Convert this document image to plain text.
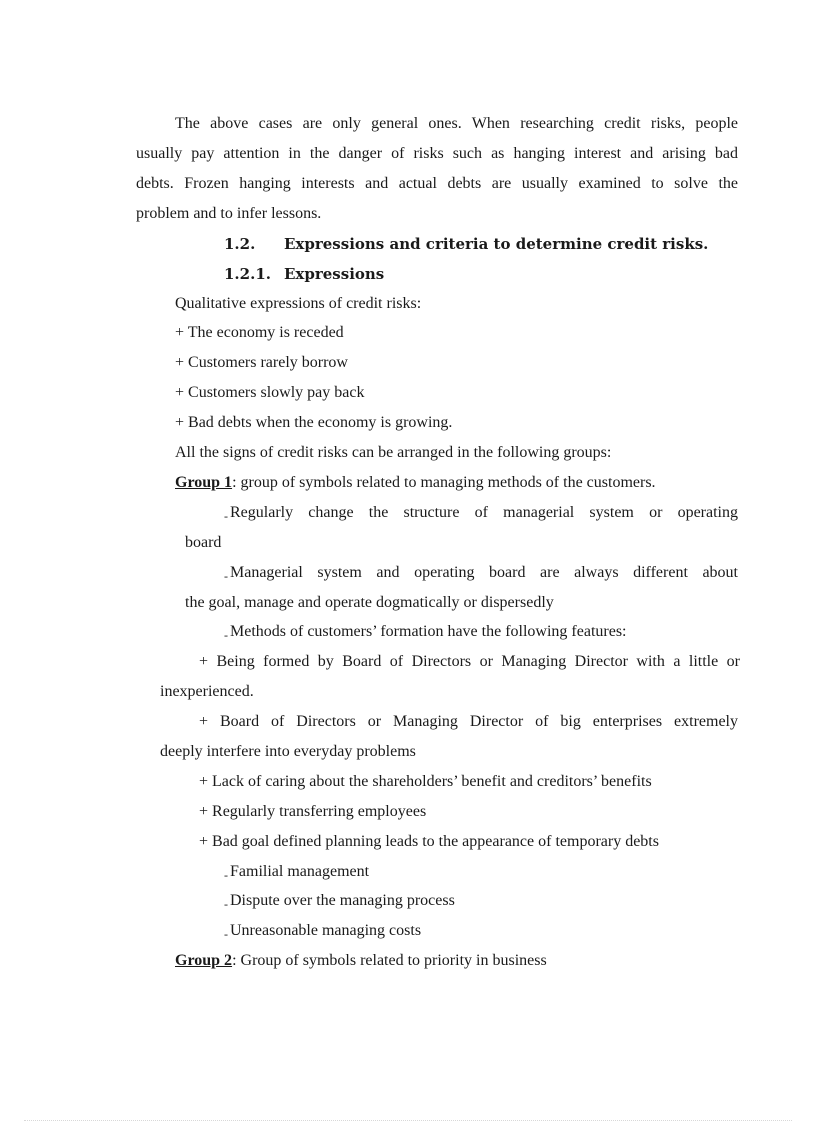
The above cases are only general ones. When researching credit risks, people
usually pay attention in the danger of risks such as hanging interest and arising bad
debts. Frozen hanging interests and actual debts are usually examined to solve the
problem and to infer lessons.
1.2. Expressions and criteria to determine credit risks.
1.2.1. Expressions
Qualitative expressions of credit risks:
+ The economy is receded
+ Customers rarely borrow
+ Customers slowly pay back
+ Bad debts when the economy is growing.
All the signs of credit risks can be arranged in the following groups:
Group 1: group of symbols related to managing methods of the customers.
- Regularly change the structure of managerial system or operating
board
- Managerial system and operating board are always different about
the goal, manage and operate dogmatically or dispersedly
- Methods of customers’ formation have the following features:
+ Being formed by Board of Directors or Managing Director with a little or
inexperienced.
+ Board of Directors or Managing Director of big enterprises extremely
deeply interfere into everyday problems
+ Lack of caring about the shareholders’ benefit and creditors’ benefits
+ Regularly transferring employees
+ Bad goal defined planning leads to the appearance of temporary debts
- Familial management
- Dispute over the managing process
- Unreasonable managing costs
Group 2: Group of symbols related to priority in business
